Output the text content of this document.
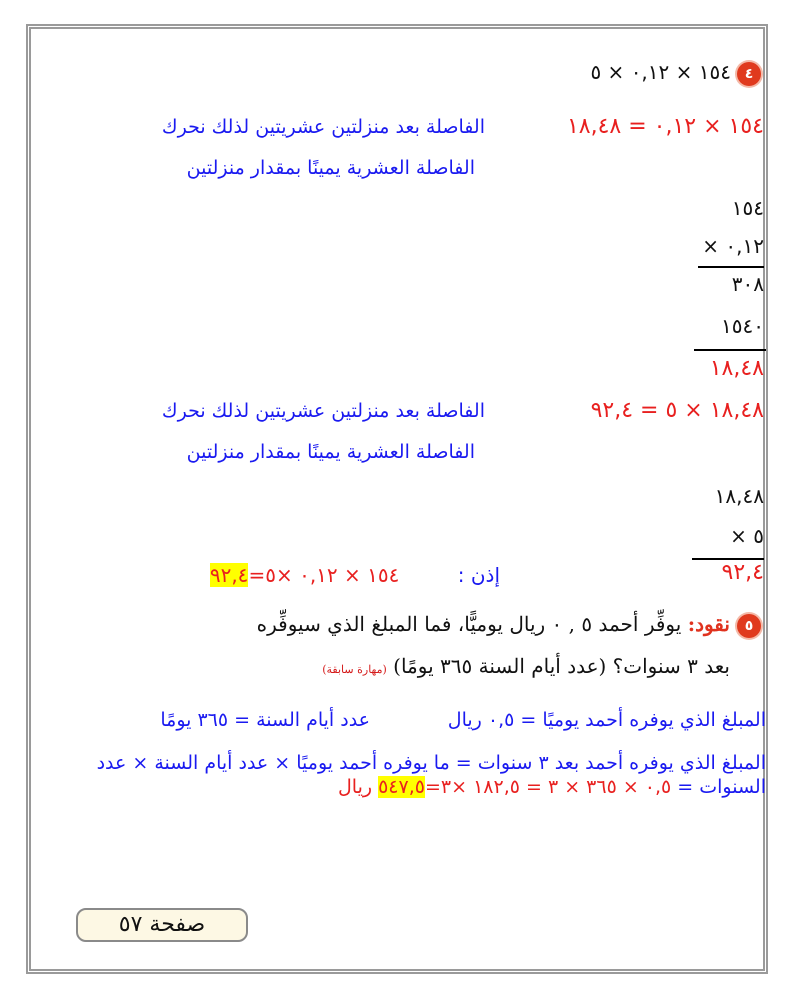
٤
١٥٤ × ٠,١٢ × ٥
١٥٤ × ٠,١٢ = ١٨,٤٨
الفاصلة بعد منزلتين عشريتين لذلك نحرك
الفاصلة العشرية يمينًا بمقدار منزلتين
١٥٤
٠,١٢ ×
٣٠٨
١٥٤٠
١٨,٤٨
١٨,٤٨ × ٥ = ٩٢,٤
الفاصلة بعد منزلتين عشريتين لذلك نحرك
الفاصلة العشرية يمينًا بمقدار منزلتين
١٨,٤٨
٥ ×
٩٢,٤
إذن : ١٥٤ × ٠,١٢ ×٥=٩٢,٤
٥
نقود: يوفِّر أحمد ٥ , ٠ ريال يوميًّا، فما المبلغ الذي سيوفِّره
بعد ٣ سنوات؟ (عدد أيام السنة ٣٦٥ يومًا) (مهارة سابقة)
المبلغ الذي يوفره أحمد يوميًا = ٠,٥ ريال
عدد أيام السنة = ٣٦٥ يومًا
المبلغ الذي يوفره أحمد بعد ٣ سنوات = ما يوفره أحمد يوميًا × عدد أيام السنة × عدد
السنوات = ٠,٥ × ٣٦٥ × ٣ = ١٨٢,٥ ×٣=٥٤٧,٥ ريال
صفحة ٥٧
